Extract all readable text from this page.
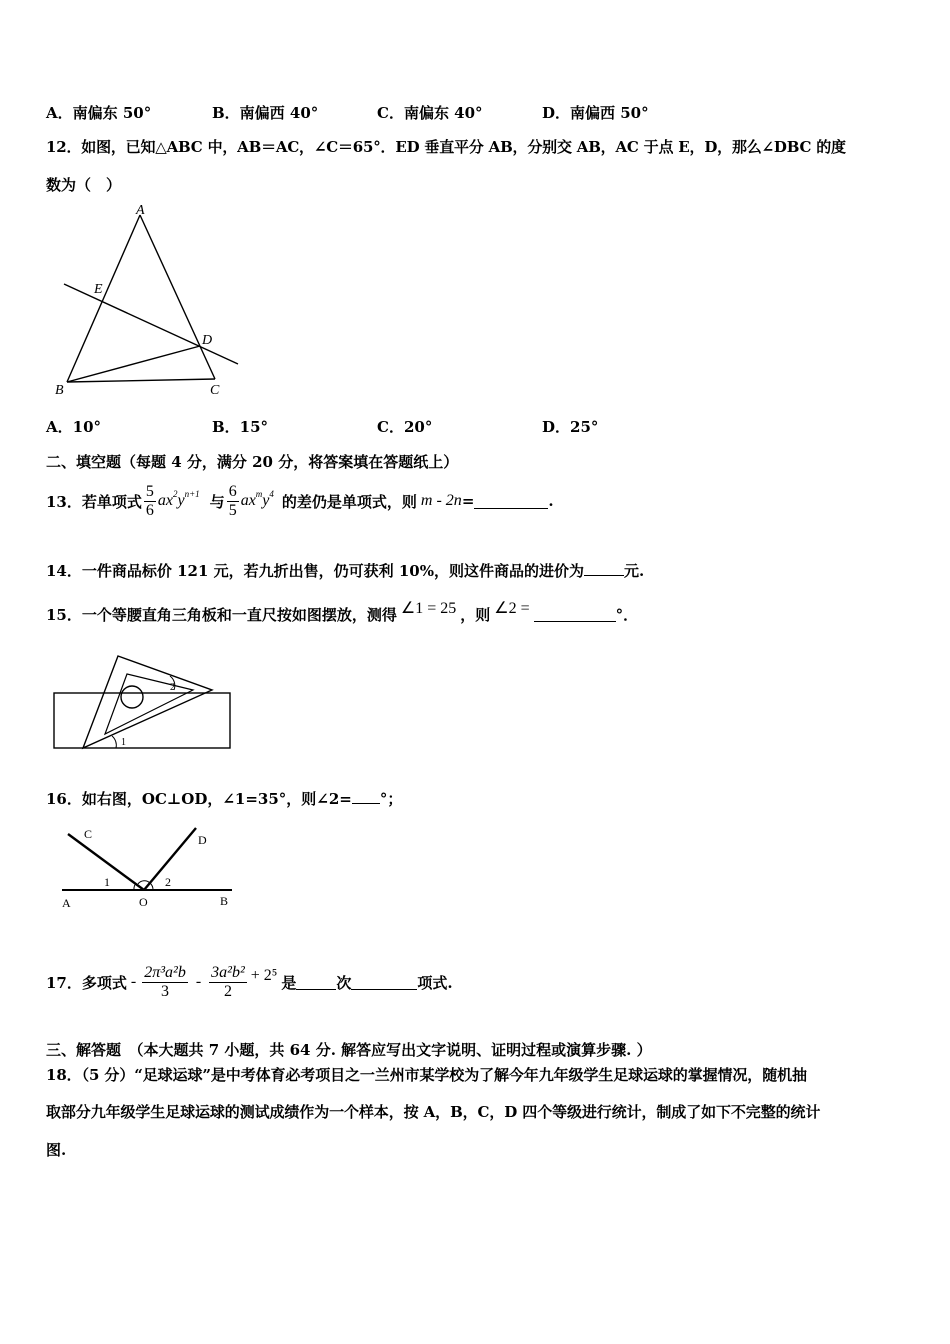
A．南偏东 50°	B．南偏西 40°	C．南偏东 40°	D．南偏西 50°
12．如图，已知△ABC 中，AB＝AC，∠C＝65°．ED 垂直平分 AB，分别交 AB，AC 于点 E，D，那么∠DBC 的度
数为（　）
A
E
D
B	C
A．10°	B．15°	C．20°	D．25°
二、填空题（每题 4 分，满分 20 分，将答案填在答题纸上）
13．若单项式 $\frac{5}{6} ax^2y^{n+1}$ 与 $\frac{6}{5} ax^my^4$ 的差仍是单项式，则 m - 2n =	.
14．一件商品标价 121 元，若九折出售，仍可获利 10%，则这件商品的进价为	元.
15．一个等腰直角三角板和一直尺按如图摆放，测得 ∠1 = 25 ，则 ∠2 =	°．
1
2
16．如右图，OC⊥OD，∠1=35°，则∠2= °；
C	D
1	2
A	O	B
17．多项式 - $\frac{\text{2π³a²b}}{3} - \frac{\text{3a²b²}}{2} + 2^5$ 是	次	项式.
三、解答题　（本大题共 7 小题，共 64 分. 解答应写出文字说明、证明过程或演算步骤. ）
18．（5 分）“足球运球”是中考体育必考项目之一兰州市某学校为了解今年九年级学生足球运球的掌握情况，随机抽
取部分九年级学生足球运球的测试成绩作为一个样本，按 A，B，C，D 四个等级进行统计，制成了如下不完整的统计
图.
